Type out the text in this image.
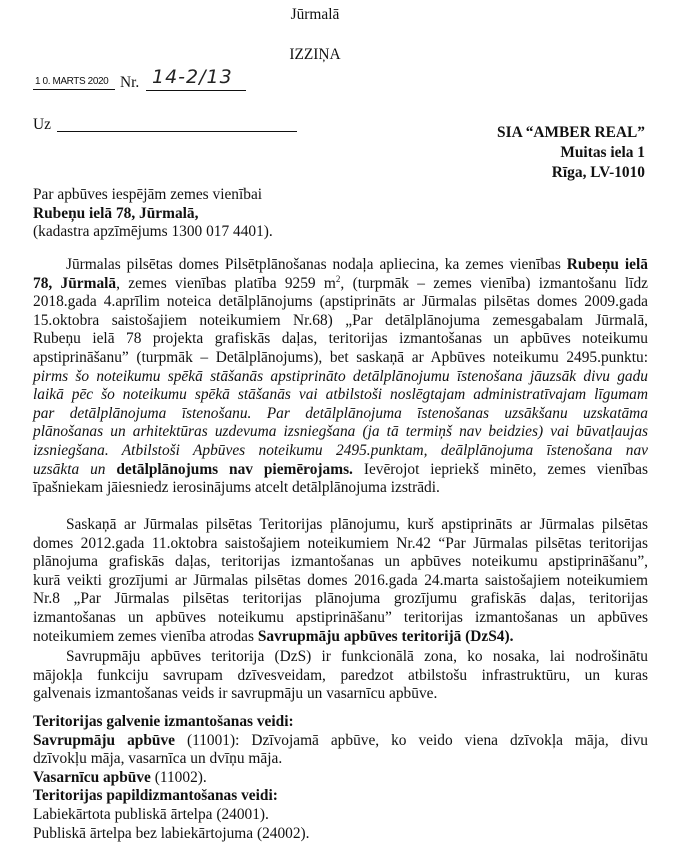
Jūrmalā
IZZIŅA
1 0. MARTS 2020 Nr. 14-2/13
Uz	SIA “AMBER REAL”
Muitas iela 1
Rīga, LV-1010
Par apbūves iespējām zemes vienībai
Rubeņu ielā 78, Jūrmalā,
(kadastra apzīmējums 1300 017 4401).
Jūrmalas pilsētas domes Pilsētplānošanas nodaļa apliecina, ka zemes vienības Rubeņu ielā
78, Jūrmalā, zemes vienības platība 9259 $m^2$, (turpmāk – zemes vienība) izmantošanu līdz
2018.gada 4.aprīlim noteica detālplānojums (apstiprināts ar Jūrmalas pilsētas domes 2009.gada
15.oktobra saistošajiem noteikumiem Nr.68) „Par detālplānojuma zemesgabalam Jūrmalā,
Rubeņu ielā 78 projekta grafiskās daļas, teritorijas izmantošanas un apbūves noteikumu
apstiprināšanu” (turpmāk – Detālplānojums), bet saskaņā ar Apbūves noteikumu 2495.punktu:
pirms šo noteikumu spēkā stāšanās apstiprināto detālplānojumu īstenošana jāuzsāk divu gadu
laikā pēc šo noteikumu spēkā stāšanās vai atbilstoši noslēgtajam administratīvajam līgumam
par detālplānojuma īstenošanu. Par detālplānojuma īstenošanas uzsākšanu uzskatāma
plānošanas un arhitektūras uzdevuma izsniegšana (ja tā termiņš nav beidzies) vai būvatļaujas
izsniegšana. Atbilstoši Apbūves noteikumu 2495.punktam, deālplānojuma īstenošana nav
uzsākta un detālplānojums nav piemērojams. Ievērojot iepriekš minēto, zemes vienības
īpašniekam jāiesniedz ierosinājums atcelt detālplānojuma izstrādi.
Saskaņā ar Jūrmalas pilsētas Teritorijas plānojumu, kurš apstiprināts ar Jūrmalas pilsētas
domes 2012.gada 11.oktobra saistošajiem noteikumiem Nr.42 “Par Jūrmalas pilsētas teritorijas
plānojuma grafiskās daļas, teritorijas izmantošanas un apbūves noteikumu apstiprināšanu”,
kurā veikti grozījumi ar Jūrmalas pilsētas domes 2016.gada 24.marta saistošajiem noteikumiem
Nr.8 „Par Jūrmalas pilsētas teritorijas plānojuma grozījumu grafiskās daļas, teritorijas
izmantošanas un apbūves noteikumu apstiprināšanu” teritorijas izmantošanas un apbūves
noteikumiem zemes vienība atrodas Savrupmāju apbūves teritorijā (DzS4).
Savrupmāju apbūves teritorija (DzS) ir funkcionālā zona, ko nosaka, lai nodrošinātu
mājokļa funkciju savrupam dzīvesveidam, paredzot atbilstošu infrastruktūru, un kuras
galvenais izmantošanas veids ir savrupmāju un vasarnīcu apbūve.
Teritorijas galvenie izmantošanas veidi:
Savrupmāju apbūve (11001): Dzīvojamā apbūve, ko veido viena dzīvokļa māja, divu
dzīvokļu māja, vasarnīca un dvīņu māja.
Vasarnīcu apbūve (11002).
Teritorijas papildizmantošanas veidi:
Labiekārtota publiskā ārtelpa (24001).
Publiskā ārtelpa bez labiekārtojuma (24002).
